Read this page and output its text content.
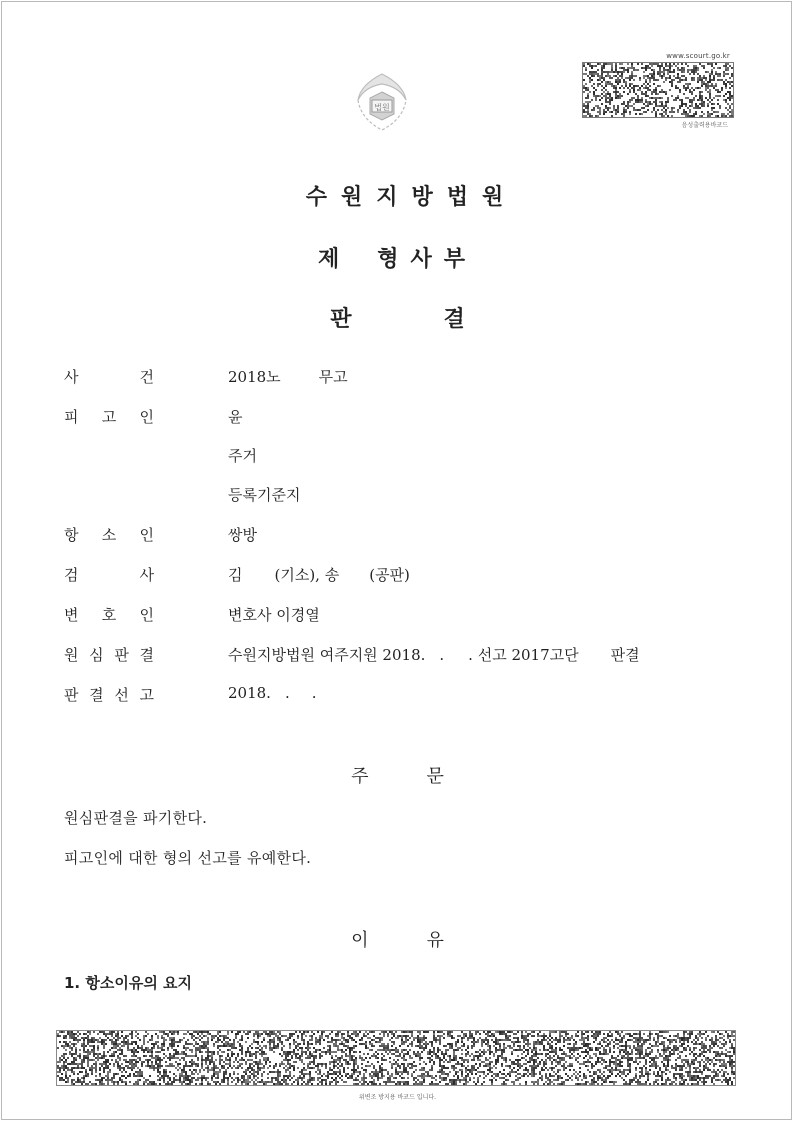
법원
www.scourt.go.kr
음성출력용바코드
수원지방법원
제 형사부
판	결
사	건	2018노	무고
피 고 인	윤
주거
등록기준지
항 소 인	쌍방
검	사	김 (기소), 송 (공판)
변 호 인	변호사 이경열
원 심 판 결	수원지방법원 여주지원 2018. . . 선고 2017고단 판결
판 결 선 고	2018. . .
주	문
원심판결을 파기한다.
피고인에 대한 형의 선고를 유예한다.
이	유
1. 항소이유의 요지
위변조 방지용 바코드 입니다.
